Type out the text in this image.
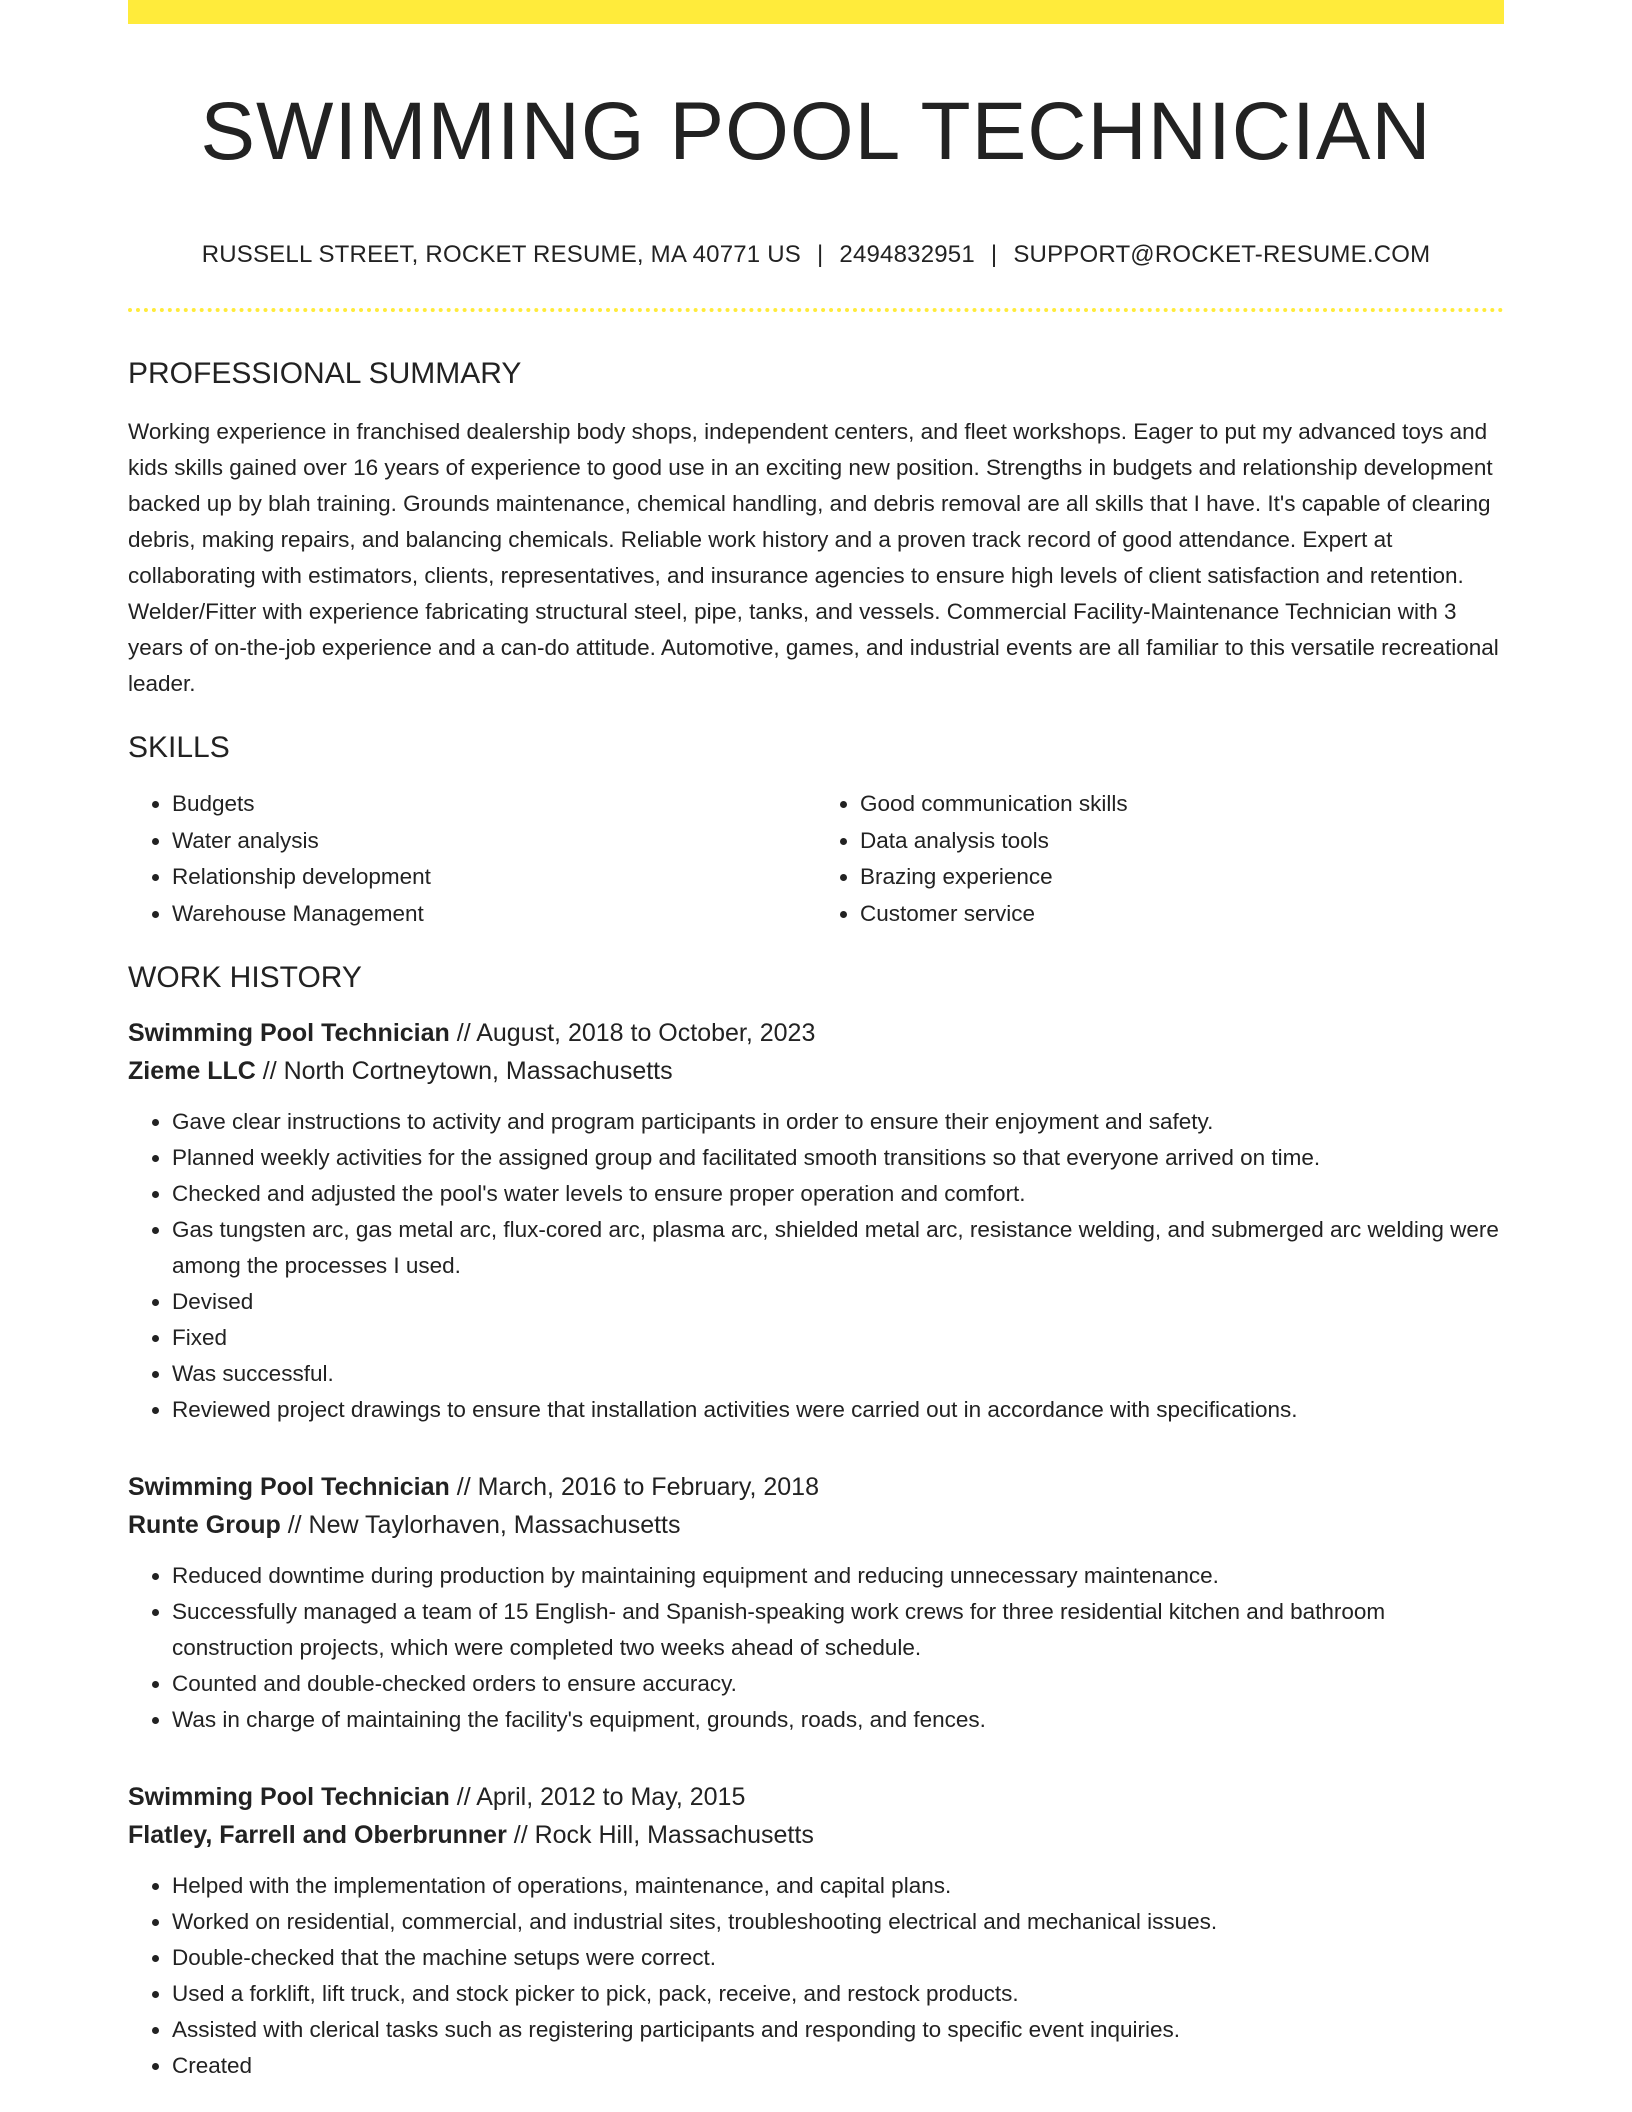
SWIMMING POOL TECHNICIAN
RUSSELL STREET, ROCKET RESUME, MA 40771 US | 2494832951 | SUPPORT@ROCKET-RESUME.COM
PROFESSIONAL SUMMARY

Working experience in franchised dealership body shops, independent centers, and fleet workshops. Eager to put my advanced toys and kids skills gained over 16 years of experience to good use in an exciting new position. Strengths in budgets and relationship development backed up by blah training. Grounds maintenance, chemical handling, and debris removal are all skills that I have. It's capable of clearing debris, making repairs, and balancing chemicals. Reliable work history and a proven track record of good attendance. Expert at collaborating with estimators, clients, representatives, and insurance agencies to ensure high levels of client satisfaction and retention. Welder/Fitter with experience fabricating structural steel, pipe, tanks, and vessels. Commercial Facility-Maintenance Technician with 3 years of on-the-job experience and a can-do attitude. Automotive, games, and industrial events are all familiar to this versatile recreational leader.

SKILLS
• Budgets
• Water analysis
• Relationship development
• Warehouse Management
• Good communication skills
• Data analysis tools
• Brazing experience
• Customer service
WORK HISTORY
Swimming Pool Technician // August, 2018 to October, 2023
Zieme LLC // North Cortneytown, Massachusetts
• Gave clear instructions to activity and program participants in order to ensure their enjoyment and safety.
• Planned weekly activities for the assigned group and facilitated smooth transitions so that everyone arrived on time.
• Checked and adjusted the pool's water levels to ensure proper operation and comfort.
• Gas tungsten arc, gas metal arc, flux-cored arc, plasma arc, shielded metal arc, resistance welding, and submerged arc welding were among the processes I used.
• Devised
• Fixed
• Was successful.
• Reviewed project drawings to ensure that installation activities were carried out in accordance with specifications.
Swimming Pool Technician // March, 2016 to February, 2018
Runte Group // New Taylorhaven, Massachusetts
• Reduced downtime during production by maintaining equipment and reducing unnecessary maintenance.
• Successfully managed a team of 15 English- and Spanish-speaking work crews for three residential kitchen and bathroom construction projects, which were completed two weeks ahead of schedule.
• Counted and double-checked orders to ensure accuracy.
• Was in charge of maintaining the facility's equipment, grounds, roads, and fences.
Swimming Pool Technician // April, 2012 to May, 2015
Flatley, Farrell and Oberbrunner // Rock Hill, Massachusetts
• Helped with the implementation of operations, maintenance, and capital plans.
• Worked on residential, commercial, and industrial sites, troubleshooting electrical and mechanical issues.
• Double-checked that the machine setups were correct.
• Used a forklift, lift truck, and stock picker to pick, pack, receive, and restock products.
• Assisted with clerical tasks such as registering participants and responding to specific event inquiries.
• Created
